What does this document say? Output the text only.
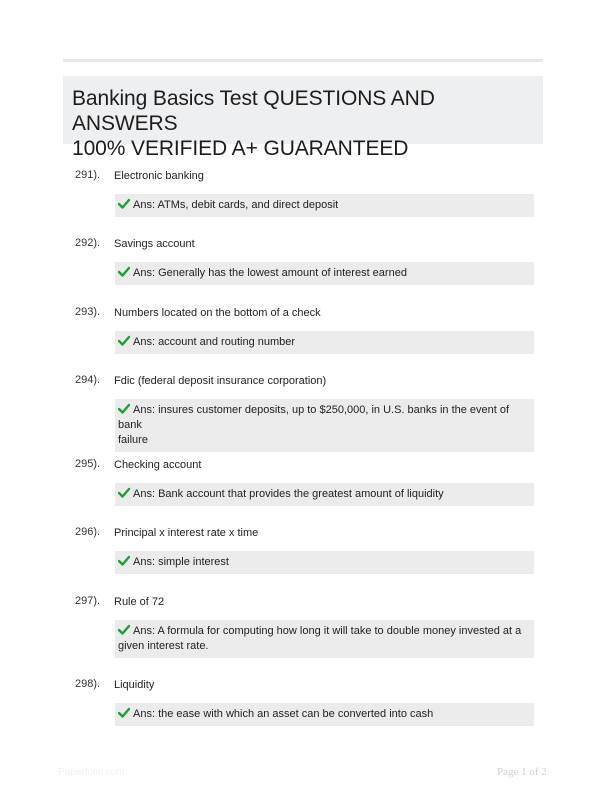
Banking Basics Test QUESTIONS AND ANSWERS
100% VERIFIED A+ GUARANTEED
291). Electronic banking
Ans: ATMs, debit cards, and direct deposit
292). Savings account
Ans: Generally has the lowest amount of interest earned
293). Numbers located on the bottom of a check
Ans: account and routing number
294). Fdic (federal deposit insurance corporation)
Ans: insures customer deposits, up to $250,000, in U.S. banks in the event of bank
failure
295). Checking account
Ans: Bank account that provides the greatest amount of liquidity
296). Principal x interest rate x time
Ans: simple interest
297). Rule of 72
Ans: A formula for computing how long it will take to double money invested at a
given interest rate.
298). Liquidity
Ans: the ease with which an asset can be converted into cash
Paperfolio.com	Page 1 of 2
